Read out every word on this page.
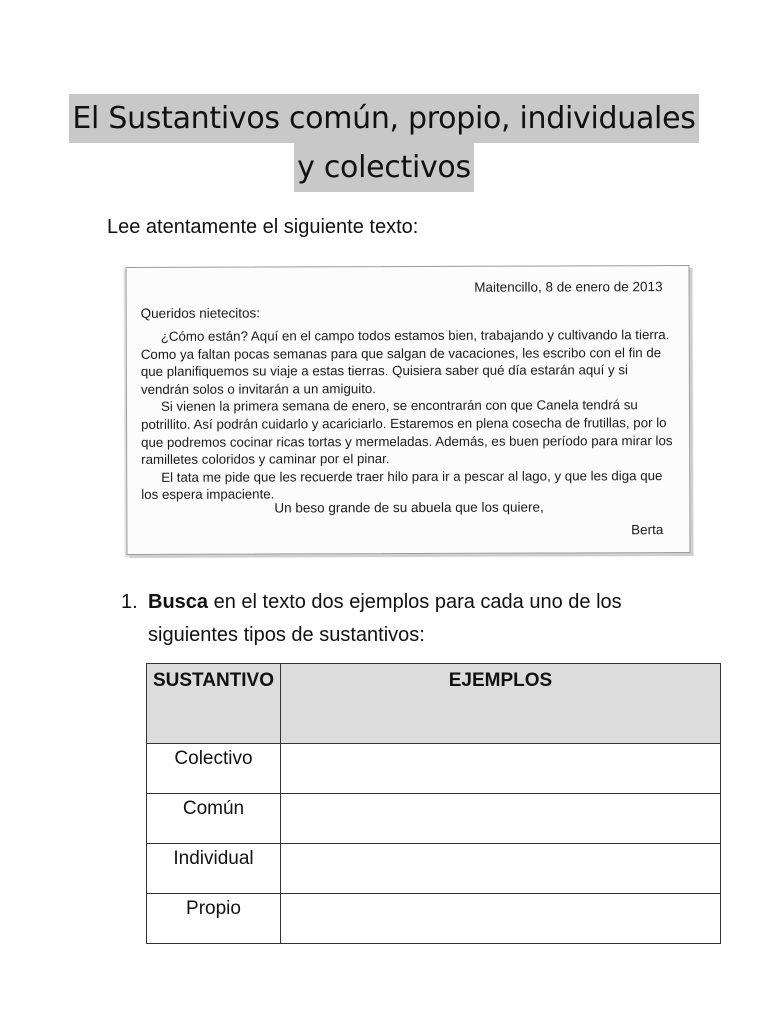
El Sustantivos común, propio, individuales
y colectivos
Lee atentamente el siguiente texto:
Maitencillo, 8 de enero de 2013
Queridos nietecitos:

¿Cómo están? Aquí en el campo todos estamos bien, trabajando y cultivando la tierra. Como ya faltan pocas semanas para que salgan de vacaciones, les escribo con el fin de que planifiquemos su viaje a estas tierras. Quisiera saber qué día estarán aquí y si vendrán solos o invitarán a un amiguito.

Si vienen la primera semana de enero, se encontrarán con que Canela tendrá su potrillito. Así podrán cuidarlo y acariciarlo. Estaremos en plena cosecha de frutillas, por lo que podremos cocinar ricas tortas y mermeladas. Además, es buen período para mirar los ramilletes coloridos y caminar por el pinar.

El tata me pide que les recuerde traer hilo para ir a pescar al lago, y que les diga que los espera impaciente.

Un beso grande de su abuela que los quiere,
Berta
1. Busca en el texto dos ejemplos para cada uno de los siguientes tipos de sustantivos:
SUSTANTIVO	EJEMPLOS
Colectivo	
Común	
Individual	
Propio	
